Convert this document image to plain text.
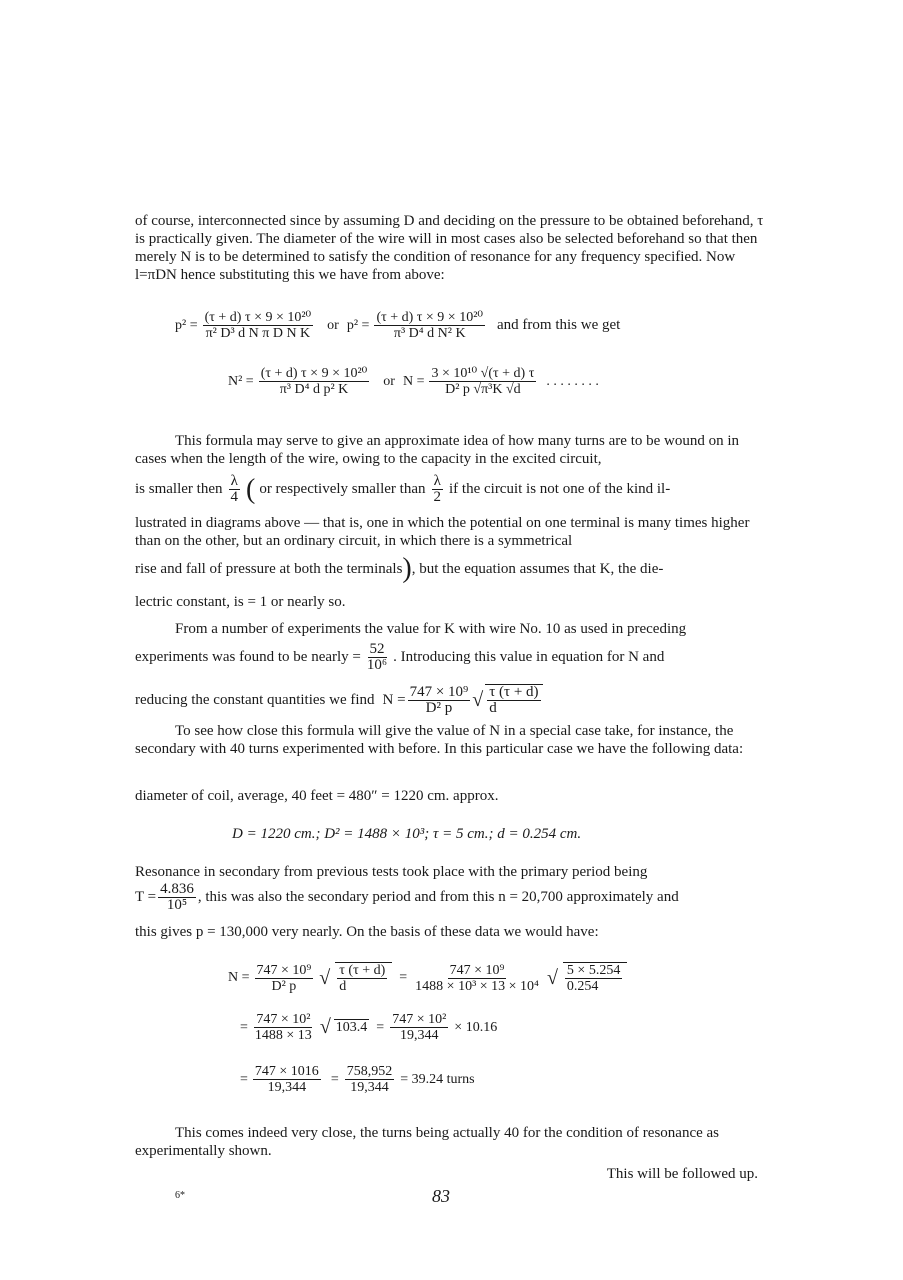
of course, interconnected since by assuming D and deciding on the pressure to be obtained beforehand, τ is practically given. The diameter of the wire will in most cases also be selected beforehand so that then merely N is to be determined to satisfy the condition of resonance for any frequency specified. Now l=πDN hence substituting this we have from above:
$p^2 = \frac{\text{(τ + d) τ × 9 × 10²⁰}}{\text{π² D³ d N π D N K}}$ or $p^2 = \frac{\text{(τ + d) τ × 9 × 10²⁰}}{\text{π³ D⁴ d N² K}}$ and from this we get
$N^2 = \frac{\text{(τ + d) τ × 9 × 10²⁰}}{\text{π³ D⁴ d p² K}}$ or $N = \frac{\text{3 × 10¹⁰ √(τ + d) τ}}{\text{D² p √π³K √d}}$ . . . . . . . .
This formula may serve to give an approximate idea of how many turns are to be wound on in cases when the length of the wire, owing to the capacity in the excited circuit,
is smaller then $\frac{\lambda}{4}$ ( or respectively smaller than $\frac{\lambda}{2}$ if the circuit is not one of the kind il-
lustrated in diagrams above — that is, one in which the potential on one terminal is many times higher than on the other, but an ordinary circuit, in which there is a symmetrical
rise and fall of pressure at both the terminals ) , but the equation assumes that K, the die-
lectric constant, is = 1 or nearly so.
From a number of experiments the value for K with wire No. 10 as used in preceding
experiments was found to be nearly = $\frac{52}{\text{10⁶}}$ . Introducing this value in equation for N and
reducing the constant quantities we find $N = \frac{\text{747 × 10⁹}}{\text{D² p}}$ √ $\frac{\tau (\tau + d)}{d}$
To see how close this formula will give the value of N in a special case take, for instance, the secondary with 40 turns experimented with before. In this particular case we have the following data:
diameter of coil, average, 40 feet = 480″ = 1220 cm. approx.
D = 1220 cm.; D² = 1488 × 10³; τ = 5 cm.; d = 0.254 cm.
Resonance in secondary from previous tests took place with the primary period being
$T = \frac{4.836}{\text{10⁵}}$ , this was also the secondary period and from this n = 20,700 approximately and
this gives p = 130,000 very nearly. On the basis of these data we would have:
$N = \frac{\text{747 × 10⁹}}{\text{D² p}}$ √ $\frac{\tau (\tau + d)}{d} = \frac{\text{747 × 10⁹}}{\text{1488 × 10³ × 13 × 10⁴}}$ √ $\frac{5 \times 5.254}{0.254}$
= $\frac{\text{747 × 10²}}{1488 \times 13}$ √ $103.4 = \frac{\text{747 × 10²}}{19,344} \times 10.16$
= $\frac{747 \times 1016}{19,344} = \frac{758,952}{19,344} = 39.24$ turns
This comes indeed very close, the turns being actually 40 for the condition of resonance as experimentally shown.
This will be followed up.
6*	83
